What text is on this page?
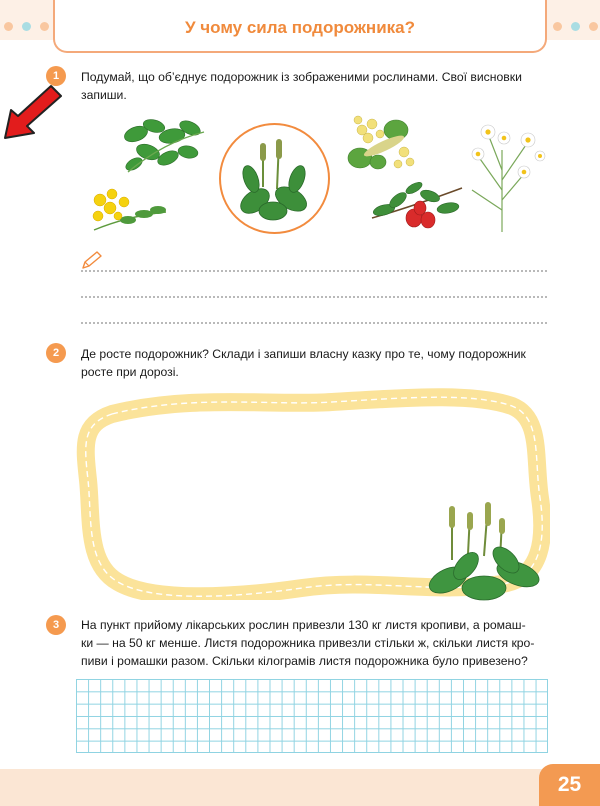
У чому сила подорожника?
1	Подумай, що об’єднує подорожник із зображеними рослинами. Свої висновки
запиши.
2	Де росте подорожник? Склади і запиши власну казку про те, чому подорожник
росте при дорозі.
3	На пункт прийому лікарських рослин привезли 130 кг листя кропиви, а ромаш-
ки — на 50 кг менше. Листя подорожника привезли стільки ж, скільки листя кро-
пиви і ромашки разом. Скільки кілограмів листя подорожника було привезено?
25
